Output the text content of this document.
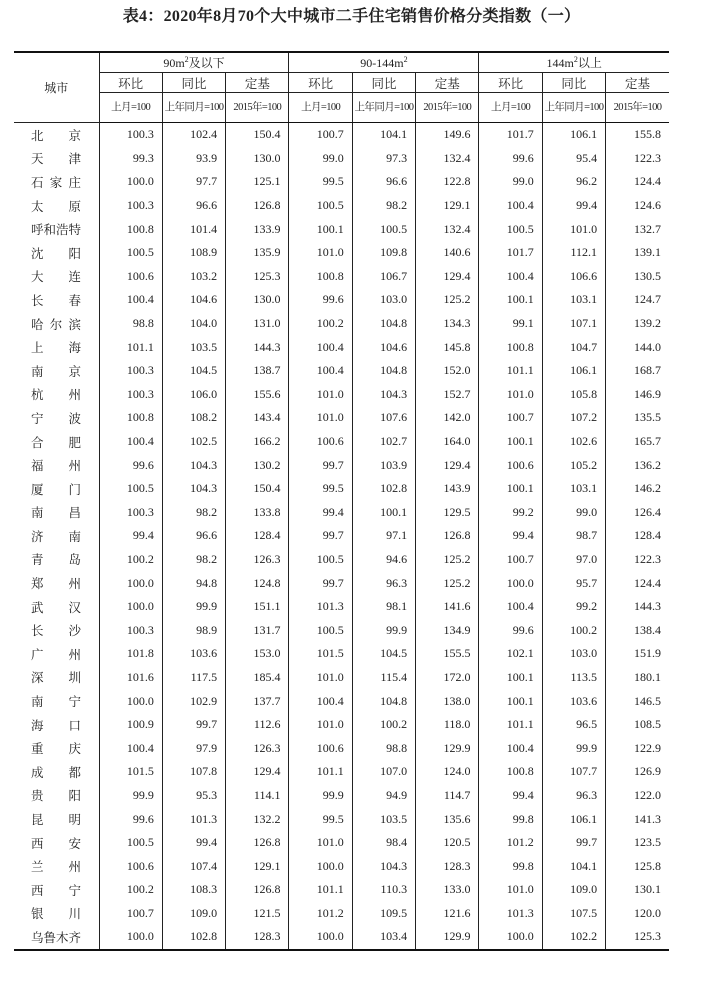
表4：2020年8月70个大中城市二手住宅销售价格分类指数（一）
城市	$90m^2$及以下			$90-144m^2$			$144m^2$以上		
	环比	同比	定基	环比	同比	定基	环比	同比	定基
	上月=100	上年同月=100	2015年=100	上月=100	上年同月=100	2015年=100	上月=100	上年同月=100	2015年=100
北京	100.3	102.4	150.4	100.7	104.1	149.6	101.7	106.1	155.8
天津	99.3	93.9	130.0	99.0	97.3	132.4	99.6	95.4	122.3
石家庄	100.0	97.7	125.1	99.5	96.6	122.8	99.0	96.2	124.4
太原	100.3	96.6	126.8	100.5	98.2	129.1	100.4	99.4	124.6
呼和浩特	100.8	101.4	133.9	100.1	100.5	132.4	100.5	101.0	132.7
沈阳	100.5	108.9	135.9	101.0	109.8	140.6	101.7	112.1	139.1
大连	100.6	103.2	125.3	100.8	106.7	129.4	100.4	106.6	130.5
长春	100.4	104.6	130.0	99.6	103.0	125.2	100.1	103.1	124.7
哈尔滨	98.8	104.0	131.0	100.2	104.8	134.3	99.1	107.1	139.2
上海	101.1	103.5	144.3	100.4	104.6	145.8	100.8	104.7	144.0
南京	100.3	104.5	138.7	100.4	104.8	152.0	101.1	106.1	168.7
杭州	100.3	106.0	155.6	101.0	104.3	152.7	101.0	105.8	146.9
宁波	100.8	108.2	143.4	101.0	107.6	142.0	100.7	107.2	135.5
合肥	100.4	102.5	166.2	100.6	102.7	164.0	100.1	102.6	165.7
福州	99.6	104.3	130.2	99.7	103.9	129.4	100.6	105.2	136.2
厦门	100.5	104.3	150.4	99.5	102.8	143.9	100.1	103.1	146.2
南昌	100.3	98.2	133.8	99.4	100.1	129.5	99.2	99.0	126.4
济南	99.4	96.6	128.4	99.7	97.1	126.8	99.4	98.7	128.4
青岛	100.2	98.2	126.3	100.5	94.6	125.2	100.7	97.0	122.3
郑州	100.0	94.8	124.8	99.7	96.3	125.2	100.0	95.7	124.4
武汉	100.0	99.9	151.1	101.3	98.1	141.6	100.4	99.2	144.3
长沙	100.3	98.9	131.7	100.5	99.9	134.9	99.6	100.2	138.4
广州	101.8	103.6	153.0	101.5	104.5	155.5	102.1	103.0	151.9
深圳	101.6	117.5	185.4	101.0	115.4	172.0	100.1	113.5	180.1
南宁	100.0	102.9	137.7	100.4	104.8	138.0	100.1	103.6	146.5
海口	100.9	99.7	112.6	101.0	100.2	118.0	101.1	96.5	108.5
重庆	100.4	97.9	126.3	100.6	98.8	129.9	100.4	99.9	122.9
成都	101.5	107.8	129.4	101.1	107.0	124.0	100.8	107.7	126.9
贵阳	99.9	95.3	114.1	99.9	94.9	114.7	99.4	96.3	122.0
昆明	99.6	101.3	132.2	99.5	103.5	135.6	99.8	106.1	141.3
西安	100.5	99.4	126.8	101.0	98.4	120.5	101.2	99.7	123.5
兰州	100.6	107.4	129.1	100.0	104.3	128.3	99.8	104.1	125.8
西宁	100.2	108.3	126.8	101.1	110.3	133.0	101.0	109.0	130.1
银川	100.7	109.0	121.5	101.2	109.5	121.6	101.3	107.5	120.0
乌鲁木齐	100.0	102.8	128.3	100.0	103.4	129.9	100.0	102.2	125.3
